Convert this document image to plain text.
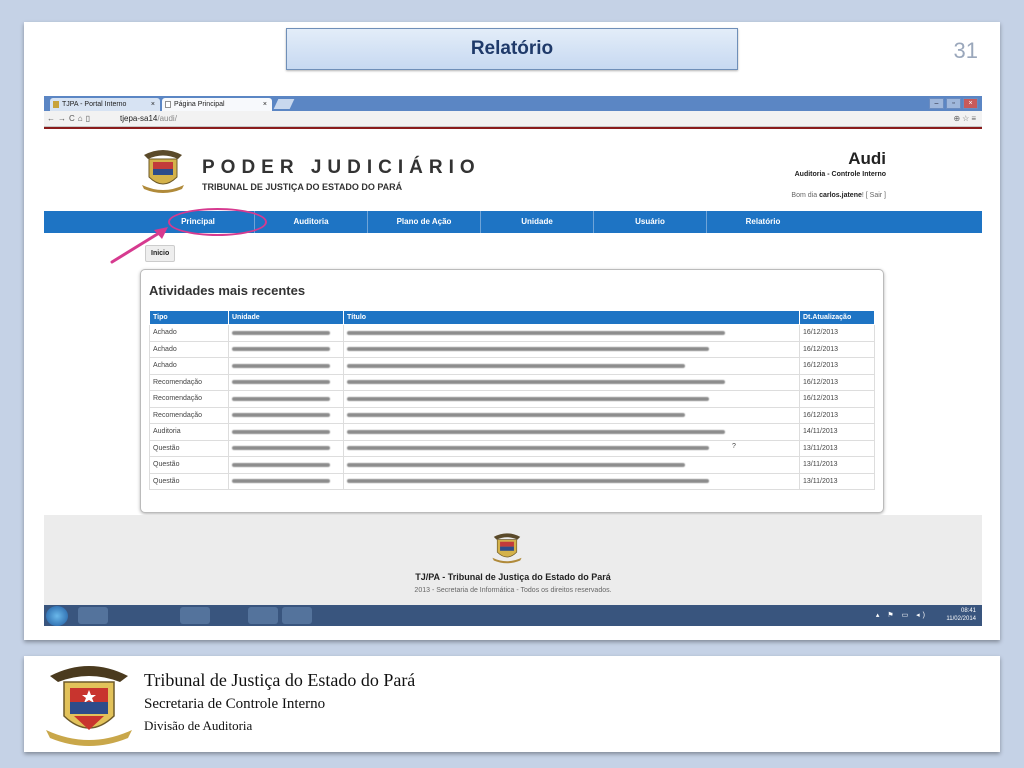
Relatório	31
TJPA - Portal Interno	×	Página Principal	×	–	▫	×
←→C⌂▯	tjepa-sa14/audi/	⊕☆≡
PODER JUDICIÁRIO
TRIBUNAL DE JUSTIÇA DO ESTADO DO PARÁ
Audi
Auditoria - Controle Interno
Bom dia carlos.jatene! [ Sair ]
Principal	Auditoria	Plano de Ação	Unidade	Usuário	Relatório
Inicio
Atividades mais recentes
Tipo	Unidade	Título	Dt.Atualização
Achado			16/12/2013
Achado			16/12/2013
Achado			16/12/2013
Recomendação			16/12/2013
Recomendação			16/12/2013
Recomendação			16/12/2013
Auditoria			14/11/2013
Questão		?	13/11/2013
Questão			13/11/2013
Questão			13/11/2013
TJ/PA - Tribunal de Justiça do Estado do Pará
2013 - Secretaria de Informática - Todos os direitos reservados.
▴ ⚑ ▭ ◂)
08:41
11/02/2014
Tribunal de Justiça do Estado do Pará
Secretaria de Controle Interno
Divisão de Auditoria
